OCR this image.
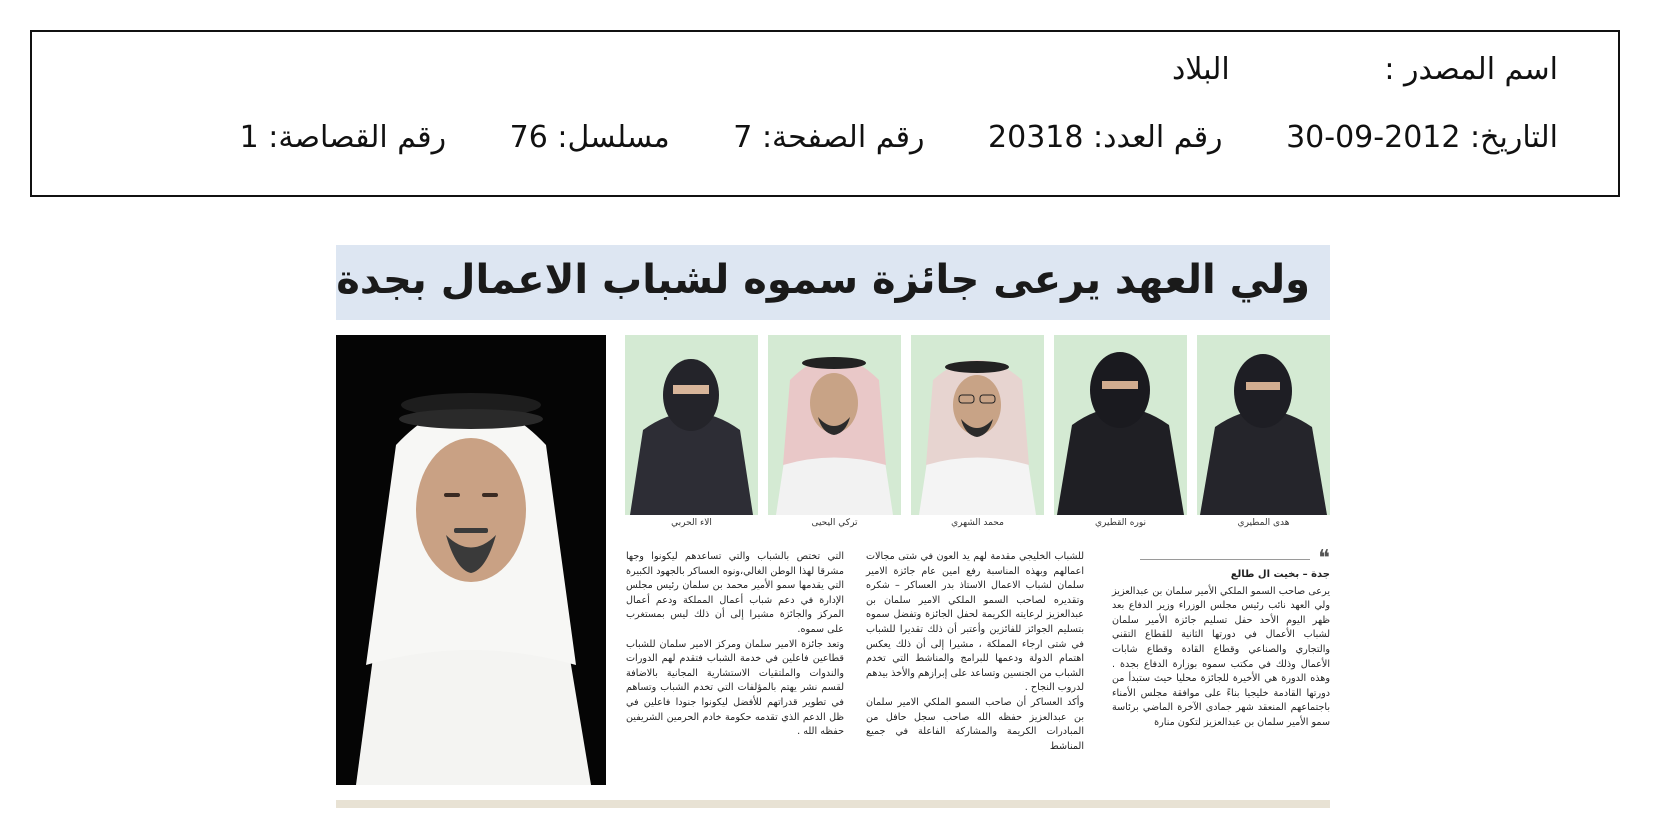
اسم المصدر : البلاد
التاريخ: 2012-09-30 رقم العدد: 20318 رقم الصفحة: 7 مسلسل: 76 رقم القصاصة: 1
ولي العهد يرعى جائزة سموه لشباب الاعمال بجدة
هدى المطيري
نوره القطيري
محمد الشهري
تركي اليحيى
الاء الحربي

❝

جدة – بخيت ال طالع

يرعى صاحب السمو الملكي الأمير سلمان بن عبدالعزيز ولي العهد نائب رئيس مجلس الوزراء وزير الدفاع بعد ظهر اليوم الأحد حفل تسليم جائزة الأمير سلمان لشباب الأعمال في دورتها الثانية للقطاع التقني والتجاري والصناعي وقطاع القادة وقطاع شابات الأعمال وذلك في مكتب سموه بوزارة الدفاع بجدة . وهذه الدورة هي الأخيرة للجائزة محليا حيث ستبدأ من دورتها القادمة خليجيا بناءً على موافقة مجلس الأمناء باجتماعهم المنعقد شهر جمادى الآخرة الماضي برئاسة سمو الأمير سلمان بن عبدالعزيز لتكون منارة

للشباب الخليجي مقدمة لهم يد العون في شتى مجالات اعمالهم وبهذه المناسبة رفع امين عام جائزة الامير سلمان لشباب الاعمال الاستاذ بدر العساكر – شكره وتقديره لصاحب السمو الملكي الامير سلمان بن عبدالعزيز لرعايته الكريمة لحفل الجائزة وتفضل سموه بتسليم الجوائز للفائزين وأعتبر أن ذلك تقديرا للشباب في شتى ارجاء المملكة ، مشيرا إلى أن ذلك يعكس اهتمام الدولة ودعمها للبرامج والمناشط التي تخدم الشباب من الجنسين وتساعد على إبرازهم والأخذ بيدهم لدروب النجاح .

وأكد العساكر أن صاحب السمو الملكي الامير سلمان بن عبدالعزيز حفظه الله صاحب سجل حافل من المبادرات الكريمة والمشاركة الفاعلة في جميع المناشط

التي تختص بالشباب والتي تساعدهم ليكونوا وجها مشرقا لهذا الوطن الغالي،ونوه العساكر بالجهود الكبيرة التي يقدمها سمو الأمير محمد بن سلمان رئيس مجلس الإدارة في دعم شباب أعمال المملكة ودعم أعمال المركز والجائزة مشيرا إلى أن ذلك ليس بمستغرب على سموه.

وتعد جائزة الامير سلمان ومركز الامير سلمان للشباب قطاعين فاعلين في خدمة الشباب فتقدم لهم الدورات والندوات والملتقيات الاستشارية المجانية بالاضافة لقسم نشر يهتم بالمؤلفات التي تخدم الشباب وتساهم في تطوير قدراتهم للأفضل ليكونوا جنودا فاعلين في ظل الدعم الذي تقدمه حكومة خادم الحرمين الشريفين حفظه الله .
